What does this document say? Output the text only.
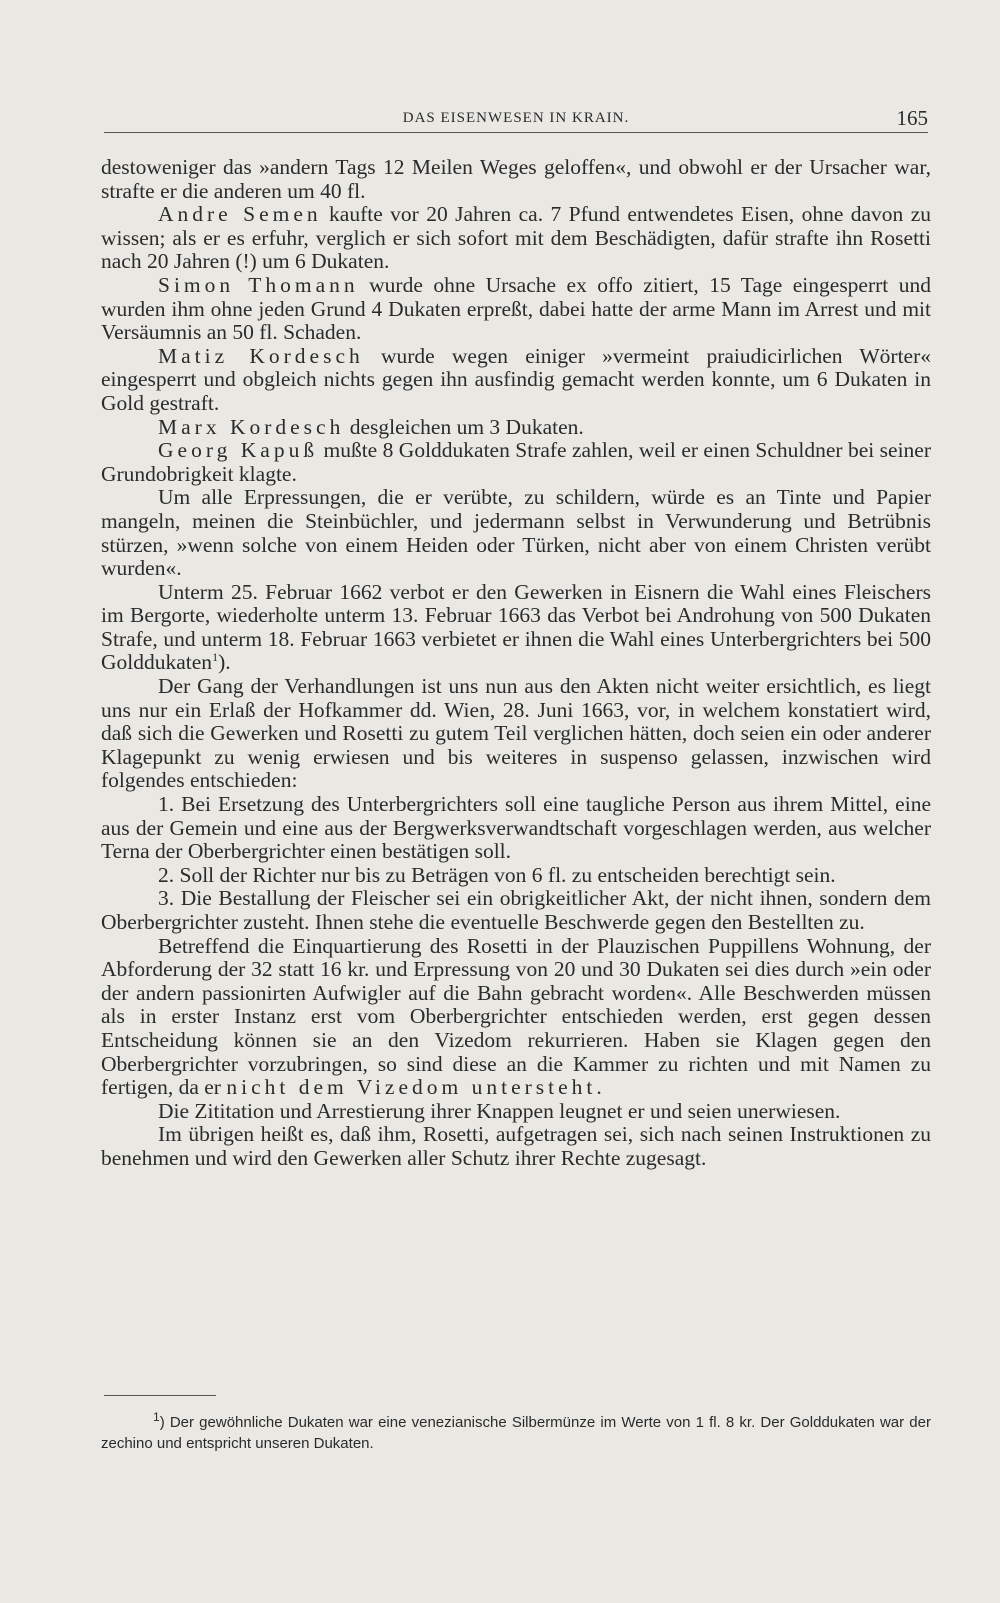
DAS EISENWESEN IN KRAIN.	165

destoweniger das »andern Tags 12 Meilen Weges geloffen«, und obwohl er der Ursacher war, strafte er die anderen um 40 fl.

Andre Semen kaufte vor 20 Jahren ca. 7 Pfund entwendetes Eisen, ohne davon zu wissen; als er es erfuhr, verglich er sich sofort mit dem Beschädigten, dafür strafte ihn Rosetti nach 20 Jahren (!) um 6 Dukaten.

Simon Thomann wurde ohne Ursache ex offo zitiert, 15 Tage eingesperrt und wurden ihm ohne jeden Grund 4 Dukaten erpreßt, dabei hatte der arme Mann im Arrest und mit Versäumnis an 50 fl. Schaden.

Matiz Kordesch wurde wegen einiger »vermeint praiudicirlichen Wörter« eingesperrt und obgleich nichts gegen ihn ausfindig gemacht werden konnte, um 6 Dukaten in Gold gestraft.

Marx Kordesch desgleichen um 3 Dukaten.

Georg Kapuß mußte 8 Golddukaten Strafe zahlen, weil er einen Schuldner bei seiner Grundobrigkeit klagte.

Um alle Erpressungen, die er verübte, zu schildern, würde es an Tinte und Papier mangeln, meinen die Steinbüchler, und jedermann selbst in Verwunderung und Betrübnis stürzen, »wenn solche von einem Heiden oder Türken, nicht aber von einem Christen verübt wurden«.

Unterm 25. Februar 1662 verbot er den Gewerken in Eisnern die Wahl eines Fleischers im Bergorte, wiederholte unterm 13. Februar 1663 das Verbot bei Androhung von 500 Dukaten Strafe, und unterm 18. Februar 1663 verbietet er ihnen die Wahl eines Unterbergrichters bei 500 Golddukaten$^1$).

Der Gang der Verhandlungen ist uns nun aus den Akten nicht weiter ersichtlich, es liegt uns nur ein Erlaß der Hofkammer dd. Wien, 28. Juni 1663, vor, in welchem konstatiert wird, daß sich die Gewerken und Rosetti zu gutem Teil verglichen hätten, doch seien ein oder anderer Klagepunkt zu wenig erwiesen und bis weiteres in suspenso gelassen, inzwischen wird folgendes entschieden:

1. Bei Ersetzung des Unterbergrichters soll eine taugliche Person aus ihrem Mittel, eine aus der Gemein und eine aus der Bergwerksverwandtschaft vorgeschlagen werden, aus welcher Terna der Oberbergrichter einen bestätigen soll.

2. Soll der Richter nur bis zu Beträgen von 6 fl. zu entscheiden berechtigt sein.

3. Die Bestallung der Fleischer sei ein obrigkeitlicher Akt, der nicht ihnen, sondern dem Oberbergrichter zusteht. Ihnen stehe die eventuelle Beschwerde gegen den Bestellten zu.

Betreffend die Einquartierung des Rosetti in der Plauzischen Puppillens Wohnung, der Abforderung der 32 statt 16 kr. und Erpressung von 20 und 30 Dukaten sei dies durch »ein oder der andern passionirten Aufwigler auf die Bahn gebracht worden«. Alle Beschwerden müssen als in erster Instanz erst vom Oberbergrichter entschieden werden, erst gegen dessen Entscheidung können sie an den Vizedom rekurrieren. Haben sie Klagen gegen den Oberbergrichter vorzubringen, so sind diese an die Kammer zu richten und mit Namen zu fertigen, da er nicht dem Vizedom untersteht.

Die Zititation und Arrestierung ihrer Knappen leugnet er und seien unerwiesen.

Im übrigen heißt es, daß ihm, Rosetti, aufgetragen sei, sich nach seinen Instruktionen zu benehmen und wird den Gewerken aller Schutz ihrer Rechte zugesagt.

$^1$) Der gewöhnliche Dukaten war eine venezianische Silbermünze im Werte von 1 fl. 8 kr. Der Golddukaten war der zechino und entspricht unseren Dukaten.
